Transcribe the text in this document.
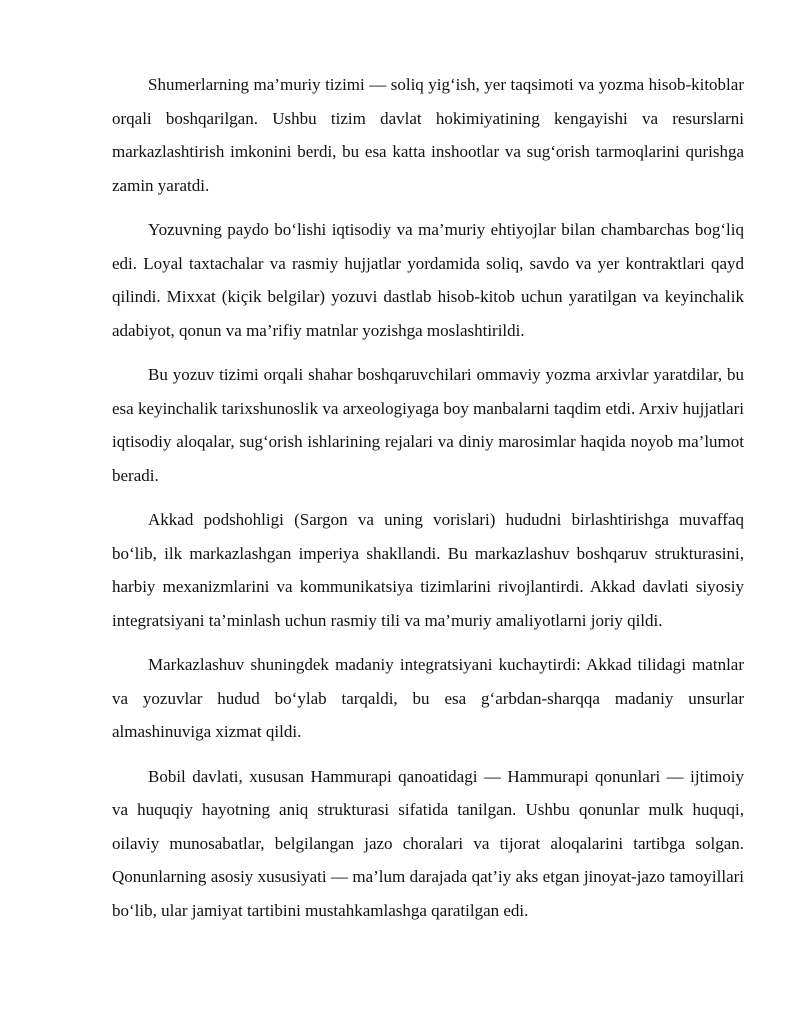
Shumerlarning ma’muriy tizimi — soliq yig‘ish, yer taqsimoti va yozma hisob-kitoblar orqali boshqarilgan. Ushbu tizim davlat hokimiyatining kengayishi va resurslarni markazlashtirish imkonini berdi, bu esa katta inshootlar va sug‘orish tarmoqlarini qurishga zamin yaratdi.

Yozuvning paydo bo‘lishi iqtisodiy va ma’muriy ehtiyojlar bilan chambarchas bog‘liq edi. Loyal taxtachalar va rasmiy hujjatlar yordamida soliq, savdo va yer kontraktlari qayd qilindi. Mixxat (kiçik belgilar) yozuvi dastlab hisob-kitob uchun yaratilgan va keyinchalik adabiyot, qonun va ma’rifiy matnlar yozishga moslashtirildi.

Bu yozuv tizimi orqali shahar boshqaruvchilari ommaviy yozma arxivlar yaratdilar, bu esa keyinchalik tarixshunoslik va arxeologiyaga boy manbalarni taqdim etdi. Arxiv hujjatlari iqtisodiy aloqalar, sug‘orish ishlarining rejalari va diniy marosimlar haqida noyob ma’lumot beradi.

Akkad podshohligi (Sargon va uning vorislari) hududni birlashtirishga muvaffaq bo‘lib, ilk markazlashgan imperiya shakllandi. Bu markazlashuv boshqaruv strukturasini, harbiy mexanizmlarini va kommunikatsiya tizimlarini rivojlantirdi. Akkad davlati siyosiy integratsiyani ta’minlash uchun rasmiy tili va ma’muriy amaliyotlarni joriy qildi.

Markazlashuv shuningdek madaniy integratsiyani kuchaytirdi: Akkad tilidagi matnlar va yozuvlar hudud bo‘ylab tarqaldi, bu esa g‘arbdan-sharqqa madaniy unsurlar almashinuviga xizmat qildi.

Bobil davlati, xususan Hammurapi qanoatidagi — Hammurapi qonunlari — ijtimoiy va huquqiy hayotning aniq strukturasi sifatida tanilgan. Ushbu qonunlar mulk huquqi, oilaviy munosabatlar, belgilangan jazo choralari va tijorat aloqalarini tartibga solgan. Qonunlarning asosiy xususiyati — ma’lum darajada qat’iy aks etgan jinoyat-jazo tamoyillari bo‘lib, ular jamiyat tartibini mustahkamlashga qaratilgan edi.
